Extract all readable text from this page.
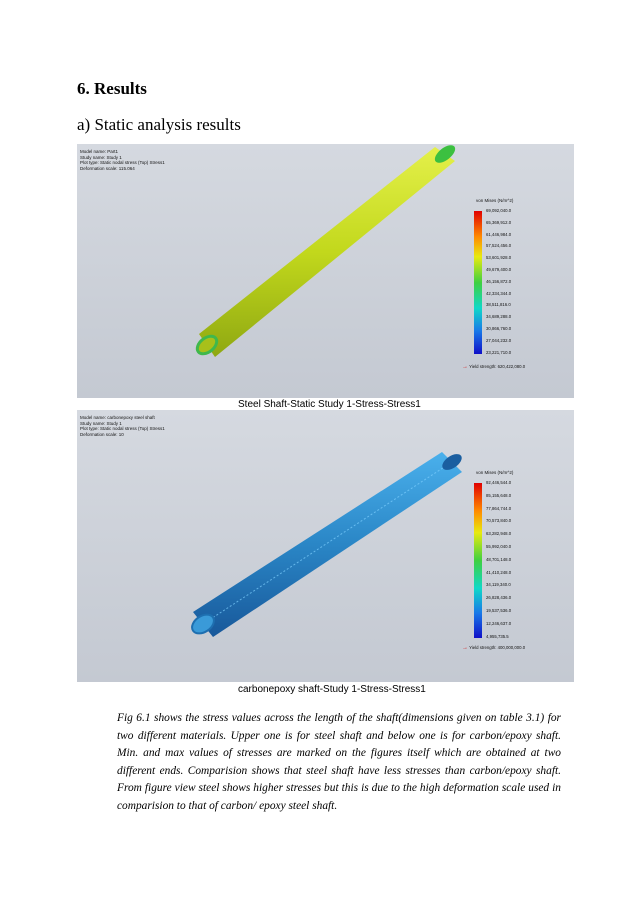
6. Results
a) Static analysis results
Model name: Part1
Study name: Study 1
Plot type: Static nodal stress (Top) Stress1
Deformation scale: 115.064
von Mises (N/m^2)
69,092,040.0
65,369,912.0
61,446,984.0
57,524,456.0
53,601,928.0
49,679,400.0
46,156,872.0
42,334,344.0
38,511,816.0
34,689,288.0
30,866,760.0
27,044,232.0
23,221,710.0
→ Yield strength: 620,422,080.0
Steel Shaft-Static Study 1-Stress-Stress1
Model name: carbonepoxy steel shaft
Study name: Study 1
Plot type: Static nodal stress (Top) Stress1
Deformation scale: 10
von Mises (N/m^2)
92,446,544.0
85,155,648.0
77,864,744.0
70,573,840.0
63,282,948.0
55,992,040.0
48,701,148.0
41,410,248.0
34,119,340.0
26,828,436.0
19,537,536.0
12,246,637.0
4,955,735.5
→ Yield strength: 400,000,000.0
carbonepoxy shaft-Study 1-Stress-Stress1
Fig 6.1 shows the stress values across the length of the shaft(dimensions given on table 3.1) for two different materials. Upper one is for steel shaft and below one is for carbon/epoxy shaft. Min. and max values of stresses are marked on the figures itself which are obtained at two different ends. Comparision shows that steel shaft have less stresses than carbon/epoxy shaft. From figure view steel shows higher stresses but this is due to the high deformation scale used in comparision to that of carbon/ epoxy steel shaft.
